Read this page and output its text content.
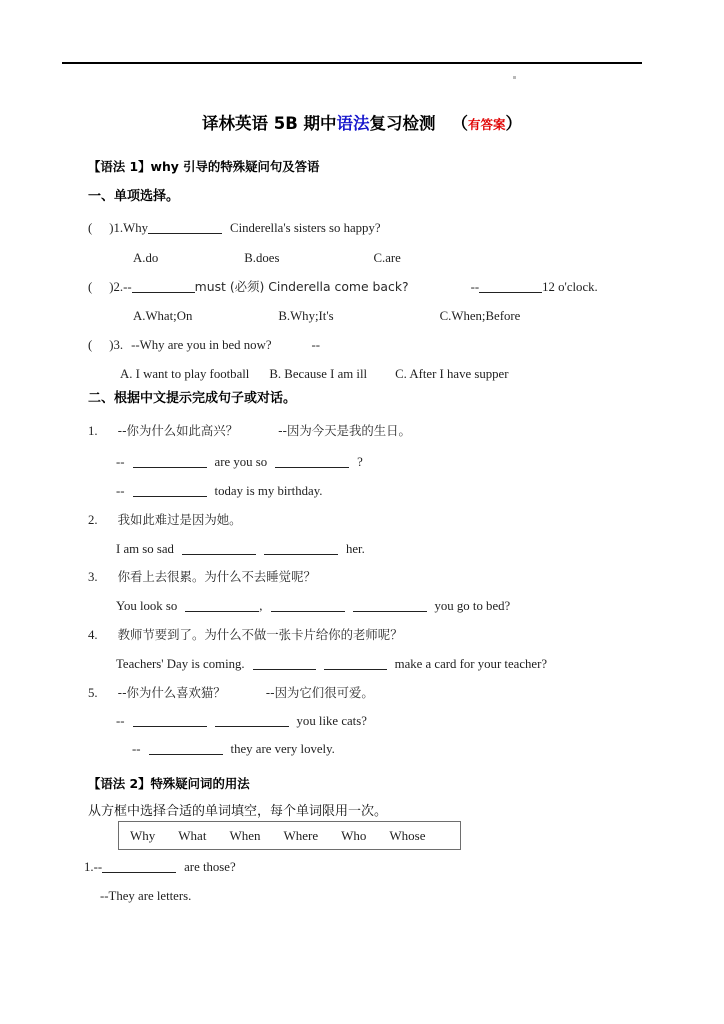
译林英语 5B 期中语法复习检测 （有答案）
【语法 1】why 引导的特殊疑问句及答语
一、单项选择。
( )1.Why	Cinderella's sisters so happy?
A.do	B.does	C.are
( )2.--	must (必须) Cinderella come back?	--	12 o'clock.
A.What;On	B.Why;It's	C.When;Before
( )3. --Why are you in bed now?	--
A. I want to play football B. Because I am ill C. After I have supper
二、根据中文提示完成句子或对话。
1. --你为什么如此高兴？	--因为今天是我的生日。
--	are you so	?
--	today is my birthday.
2. 我如此难过是因为她。
I am so sad	her.
3. 你看上去很累。为什么不去睡觉呢？
You look so	,	you go to bed?
4. 教师节要到了。为什么不做一张卡片给你的老师呢？
Teachers' Day is coming.	make a card for your teacher?
5. --你为什么喜欢猫？	--因为它们很可爱。
--	you like cats?
--	they are very lovely.
【语法 2】特殊疑问词的用法
从方框中选择合适的单词填空，每个单词限用一次。
Why What When Where Who Whose
1.--	are those?
--They are letters.
